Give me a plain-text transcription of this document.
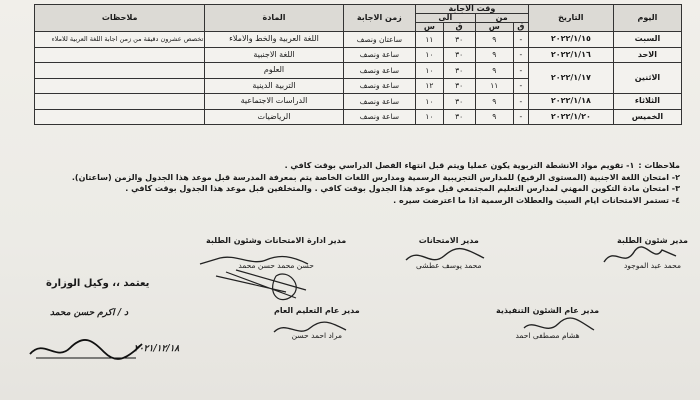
اليوم	التاريخ	وقت الاجابة				زمن الاجابة	المادة	ملاحظات
		من		الى				
		ق	س	ق	س			
السبت	٢٠٢٢/١/١٥	-	٩	٣٠	١١	ساعتان ونصف	اللغة العربية والخط والاملاء	تخصص عشرون دقيقة من زمن اجابة اللغة العربية للاملاء
الاحد	٢٠٢٢/١/١٦	-	٩	٣٠	١٠	ساعة ونصف	اللغة الاجنبية	
الاثنين	٢٠٢٢/١/١٧	-	٩	٣٠	١٠	ساعة ونصف	العلوم	
		-	١١	٣٠	١٢	ساعة ونصف	التربية الدينية	
الثلاثاء	٢٠٢٢/١/١٨	-	٩	٣٠	١٠	ساعة ونصف	الدراسات الاجتماعية	
الخميس	٢٠٢٢/١/٢٠	-	٩	٣٠	١٠	ساعة ونصف	الرياضيات	
ملاحظات :١- تقويم مواد الانشطة التربوية يكون عمليا ويتم قبل انتهاء الفصل الدراسي بوقت كافي .
٢- امتحان اللغة الاجنبية (المستوى الرفيع) للمدارس التجريبية الرسمية ومدارس اللغات الخاصة يتم بمعرفة المدرسة قبل موعد هذا الجدول والزمن (ساعتان).
٣- امتحان مادة التكوين المهني لمدارس التعليم المجتمعي قبل موعد هذا الجدول بوقت كافي . والمتخلفين قبل موعد هذا الجدول بوقت كافي .
٤- تستمر الامتحانات ايام السبت والعطلات الرسمية اذا ما اعترضت سيره .
مدير شئون الطلبة
محمد عبد الموجود
مدير الامتحانات
محمد يوسف عطشى
مدير ادارة الامتحانات وشئون الطلبة
حسن محمد حسن محمد
يعتمد ،، وكيل الوزارة
د / اكرم حسن محمد
٢٠٢١/١٢/١٨
مدير عام التعليم العام
مراد احمد حسن
مدير عام الشئون التنفيذية
هشام مصطفى احمد
